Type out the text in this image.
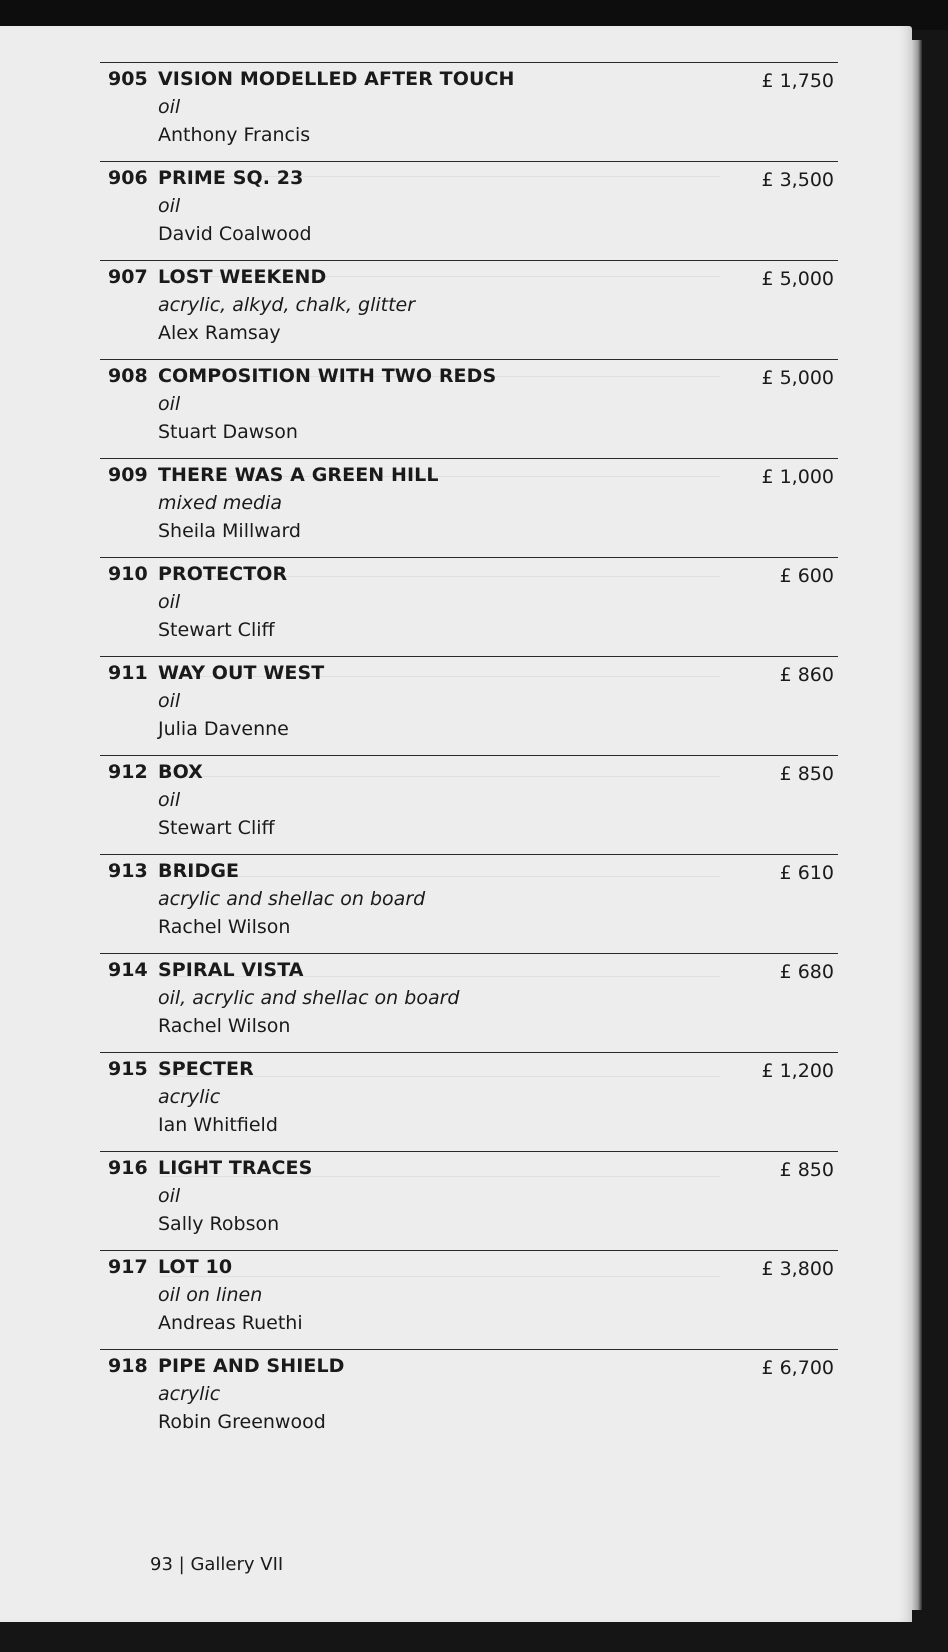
905 VISION MODELLED AFTER TOUCH	£ 1,750
oil
Anthony Francis
906 PRIME SQ. 23	£ 3,500
oil
David Coalwood
907 LOST WEEKEND	£ 5,000
acrylic, alkyd, chalk, glitter
Alex Ramsay
908 COMPOSITION WITH TWO REDS	£ 5,000
oil
Stuart Dawson
909 THERE WAS A GREEN HILL	£ 1,000
mixed media
Sheila Millward
910 PROTECTOR	£ 600
oil
Stewart Cliff
911 WAY OUT WEST	£ 860
oil
Julia Davenne
912 BOX	£ 850
oil
Stewart Cliff
913 BRIDGE	£ 610
acrylic and shellac on board
Rachel Wilson
914 SPIRAL VISTA	£ 680
oil, acrylic and shellac on board
Rachel Wilson
915 SPECTER	£ 1,200
acrylic
Ian Whitfield
916 LIGHT TRACES	£ 850
oil
Sally Robson
917 LOT 10	£ 3,800
oil on linen
Andreas Ruethi
918 PIPE AND SHIELD	£ 6,700
acrylic
Robin Greenwood
93 | Gallery VII
